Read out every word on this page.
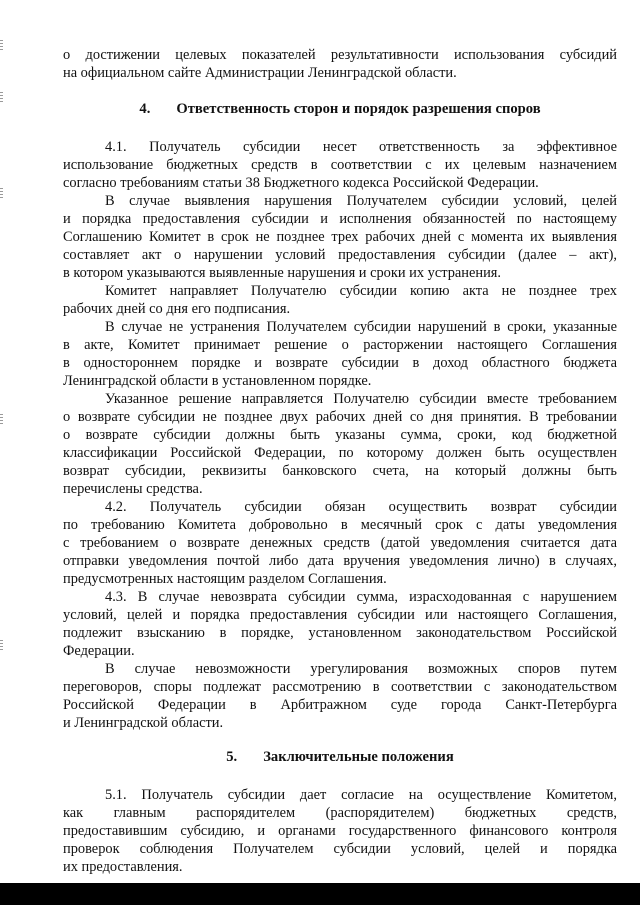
о достижении целевых показателей результативности использования субсидий

на официальном сайте Администрации Ленинградской области.

4. Ответственность сторон и порядок разрешения споров

4.1. Получатель субсидии несет ответственность за эффективное

использование бюджетных средств в соответствии с их целевым назначением

согласно требованиям статьи 38 Бюджетного кодекса Российской Федерации.

В случае выявления нарушения Получателем субсидии условий, целей

и порядка предоставления субсидии и исполнения обязанностей по настоящему

Соглашению Комитет в срок не позднее трех рабочих дней с момента их выявления

составляет акт о нарушении условий предоставления субсидии (далее – акт),

в котором указываются выявленные нарушения и сроки их устранения.

Комитет направляет Получателю субсидии копию акта не позднее трех

рабочих дней со дня его подписания.

В случае не устранения Получателем субсидии нарушений в сроки, указанные

в акте, Комитет принимает решение о расторжении настоящего Соглашения

в одностороннем порядке и возврате субсидии в доход областного бюджета

Ленинградской области в установленном порядке.

Указанное решение направляется Получателю субсидии вместе требованием

о возврате субсидии не позднее двух рабочих дней со дня принятия. В требовании

о возврате субсидии должны быть указаны сумма, сроки, код бюджетной

классификации Российской Федерации, по которому должен быть осуществлен

возврат субсидии, реквизиты банковского счета, на который должны быть

перечислены средства.

4.2. Получатель субсидии обязан осуществить возврат субсидии

по требованию Комитета добровольно в месячный срок с даты уведомления

с требованием о возврате денежных средств (датой уведомления считается дата

отправки уведомления почтой либо дата вручения уведомления лично) в случаях,

предусмотренных настоящим разделом Соглашения.

4.3. В случае невозврата субсидии сумма, израсходованная с нарушением

условий, целей и порядка предоставления субсидии или настоящего Соглашения,

подлежит взысканию в порядке, установленном законодательством Российской

Федерации.

В случае невозможности урегулирования возможных споров путем

переговоров, споры подлежат рассмотрению в соответствии с законодательством

Российской Федерации в Арбитражном суде города Санкт-Петербурга

и Ленинградской области.

5. Заключительные положения

5.1. Получатель субсидии дает согласие на осуществление Комитетом,

как главным распорядителем (распорядителем) бюджетных средств,

предоставившим субсидию, и органами государственного финансового контроля

проверок соблюдения Получателем субсидии условий, целей и порядка

их предоставления.
